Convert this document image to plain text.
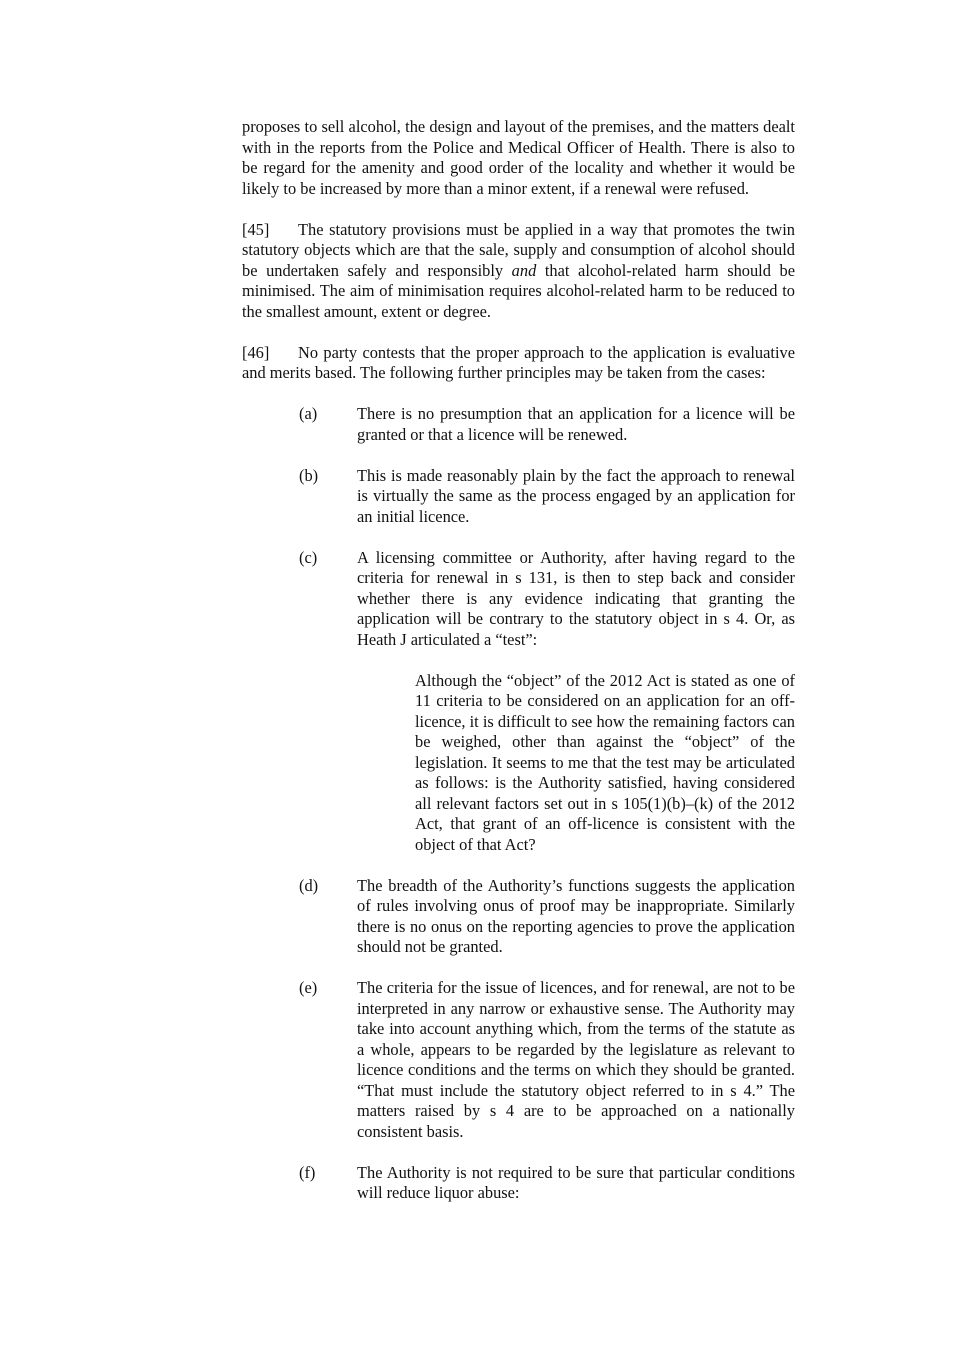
proposes to sell alcohol, the design and layout of the premises, and the matters dealt with in the reports from the Police and Medical Officer of Health. There is also to be regard for the amenity and good order of the locality and whether it would be likely to be increased by more than a minor extent, if a renewal were refused.

[45] The statutory provisions must be applied in a way that promotes the twin statutory objects which are that the sale, supply and consumption of alcohol should be undertaken safely and responsibly and that alcohol-related harm should be minimised. The aim of minimisation requires alcohol-related harm to be reduced to the smallest amount, extent or degree.

[46] No party contests that the proper approach to the application is evaluative and merits based. The following further principles may be taken from the cases:

(a) There is no presumption that an application for a licence will be granted or that a licence will be renewed.

(b) This is made reasonably plain by the fact the approach to renewal is virtually the same as the process engaged by an application for an initial licence.

(c) A licensing committee or Authority, after having regard to the criteria for renewal in s 131, is then to step back and consider whether there is any evidence indicating that granting the application will be contrary to the statutory object in s 4. Or, as Heath J articulated a “test”:

Although the “object” of the 2012 Act is stated as one of 11 criteria to be considered on an application for an off-licence, it is difficult to see how the remaining factors can be weighed, other than against the “object” of the legislation. It seems to me that the test may be articulated as follows: is the Authority satisfied, having considered all relevant factors set out in s 105(1)(b)–(k) of the 2012 Act, that grant of an off-licence is consistent with the object of that Act?

(d) The breadth of the Authority’s functions suggests the application of rules involving onus of proof may be inappropriate. Similarly there is no onus on the reporting agencies to prove the application should not be granted.

(e) The criteria for the issue of licences, and for renewal, are not to be interpreted in any narrow or exhaustive sense. The Authority may take into account anything which, from the terms of the statute as a whole, appears to be regarded by the legislature as relevant to licence conditions and the terms on which they should be granted. “That must include the statutory object referred to in s 4.” The matters raised by s 4 are to be approached on a nationally consistent basis.

(f)	The Authority is not required to be sure that particular conditions will reduce liquor abuse:
